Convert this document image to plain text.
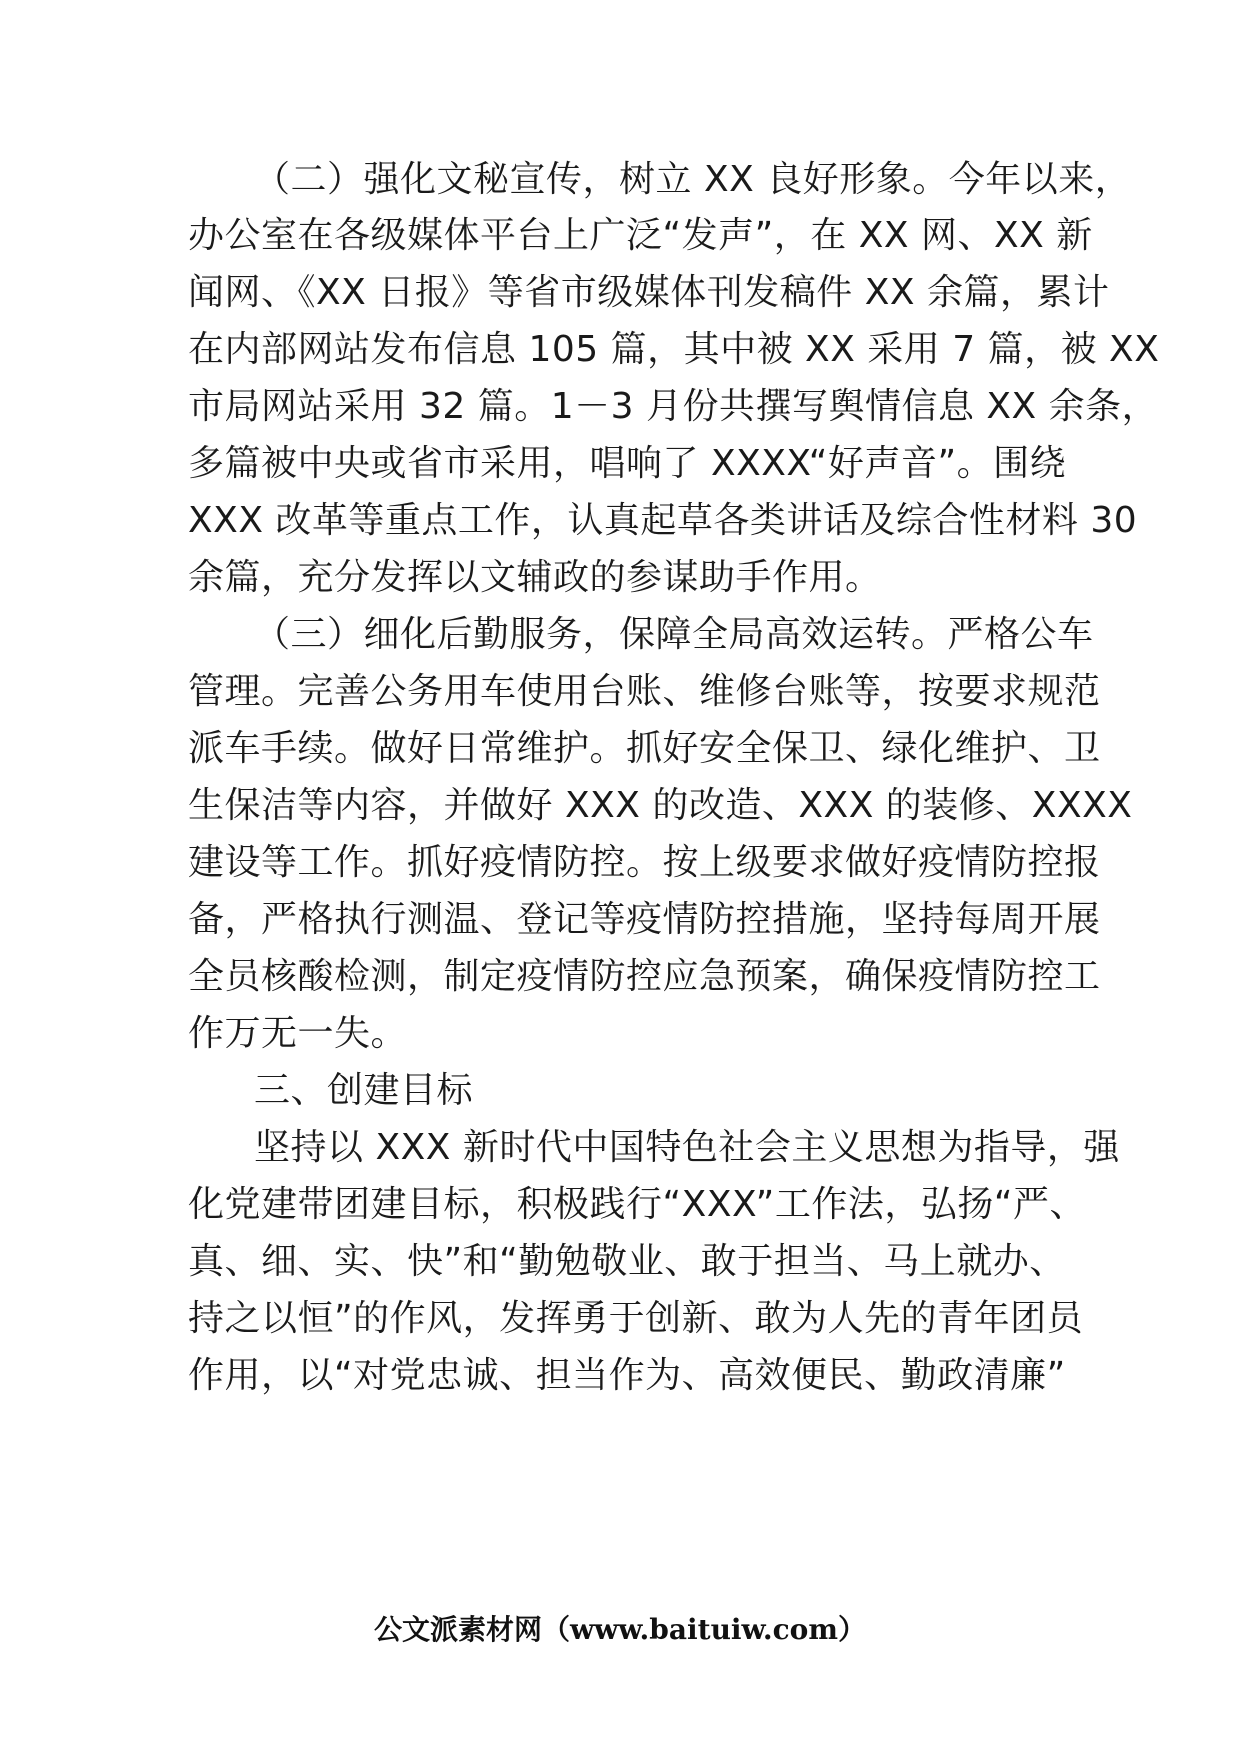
（二）强化文秘宣传，树立 XX 良好形象。今年以来，
办公室在各级媒体平台上广泛“发声”，在 XX 网、XX 新
闻网、《XX 日报》等省市级媒体刊发稿件 XX 余篇，累计
在内部网站发布信息 105 篇，其中被 XX 采用 7 篇，被 XX
市局网站采用 32 篇。1－3 月份共撰写舆情信息 XX 余条，
多篇被中央或省市采用，唱响了 XXXX“好声音”。围绕
XXX 改革等重点工作，认真起草各类讲话及综合性材料 30
余篇，充分发挥以文辅政的参谋助手作用。
（三）细化后勤服务，保障全局高效运转。严格公车
管理。完善公务用车使用台账、维修台账等，按要求规范
派车手续。做好日常维护。抓好安全保卫、绿化维护、卫
生保洁等内容，并做好 XXX 的改造、XXX 的装修、XXXX
建设等工作。抓好疫情防控。按上级要求做好疫情防控报
备，严格执行测温、登记等疫情防控措施，坚持每周开展
全员核酸检测，制定疫情防控应急预案，确保疫情防控工
作万无一失。
三、创建目标
坚持以 XXX 新时代中国特色社会主义思想为指导，强
化党建带团建目标，积极践行“XXX”工作法，弘扬“严、
真、细、实、快”和“勤勉敬业、敢于担当、马上就办、
持之以恒”的作风，发挥勇于创新、敢为人先的青年团员
作用，以“对党忠诚、担当作为、高效便民、勤政清廉”
公文派素材网（www.baituiw.com）
